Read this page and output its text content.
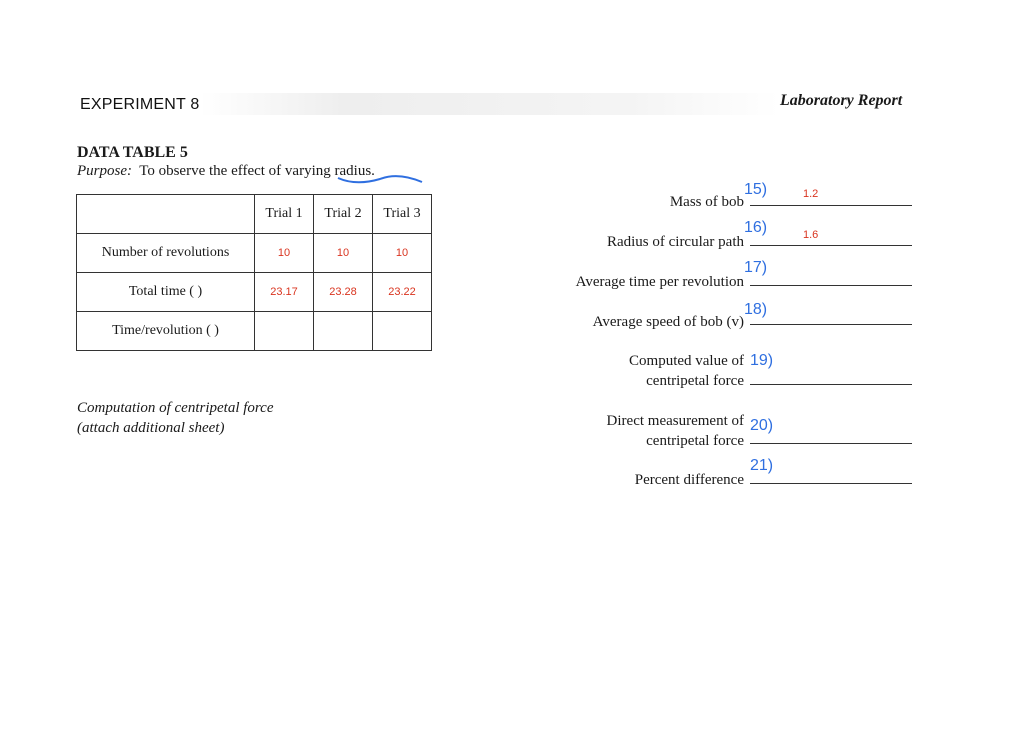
EXPERIMENT 8	Laboratory Report
DATA TABLE 5
Purpose: To observe the effect of varying radius.
	Trial 1	Trial 2	Trial 3
Number of revolutions	10	10	10
Total time ( )	23.17	23.28	23.22
Time/revolution ( )			
Computation of centripetal force
(attach additional sheet)
Mass of bob
15)	1.2
Radius of circular path
16)	1.6
Average time per revolution
17)
Average speed of bob (v)
18)
Computed value of
centripetal force
19)
Direct measurement of
centripetal force
20)
Percent difference
21)
